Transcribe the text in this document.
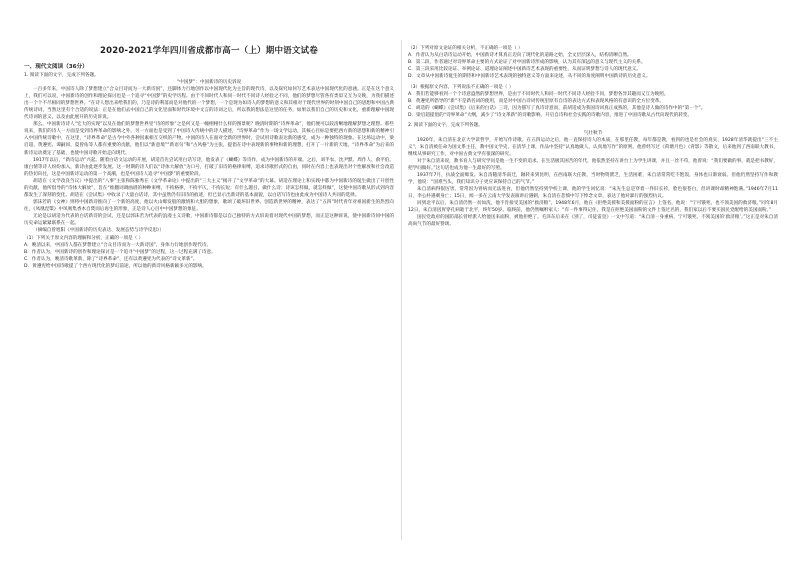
2020-2021学年四川省成都市高一（上）期中语文试卷
一、现代文阅读（36分）

1. 阅读下面的文字，完成下列各题。

“中国梦”：中国新诗的历史诉说

一百多年来，中国诗人除了梦想建立“合众目诗而为一大新诗国”，还脚体力行地创作以中国现代化为主旨的现代诗，以及探究如何写艺术表达中国现代化的意涵。正是在这个意义上，我们可以说，中国新诗的创作和理论探讨也是一个追寻“中国梦”的史学历程。由于不同时代人和同一时代不同诗人经验之不同，他们的梦想尽管各有类似又互为交映，为我们描述出一个个不尽相同的梦想世界。“在诗人想出来给我们的，乃是诗的利落而是对他代的一个梦想，一个是现为如诗人的梦想的意义和其相对于现代世界的时刻中国自己的思想和中国古典传统诗词，当然这里有个合适的说法：正是在他们去中国自己的文化里面和时代环境中文言的诗词之后，所以我的想法是这里的任务，如果以我们自己的历史和文化，重新理解中国现代诗词的意义，以及由此展开的历史诉说。

那么，中国新诗诗人“宏大的实现”以及在他们的梦想世界里“诗的形象”之是何又是一幢栩栩什么样的图景呢？晚清时期的“诗界革命”，他们便可以较清晰地理解梦想之理想。那些说来，我们的诗人一方面是受到诗界革命的影响之外，另一方面也是受到了中国诗人传统中的诗人描述，“诗界革命”作为一场文学运动，其核心目标是要把西方新的思想和新的精神引入中国传统诗歌中，在这里，“诗界革命”是古今中外各种因素相互交织的产物。中国的诗人在面对全新的世界时，尝试用诗歌表达新的感受，成为一种独特的现象。在这场运动中，梁启超、黄遵宪、谭嗣同、夏曾佑等人都有重要的贡献，他们以“新意境”“新语句”和“古风格”为主张，提倡在诗中表现新的事物和新的理想，打开了一片新的天地，“诗界革命”为后来的新诗运动奠定了基础，也使中国诗歌开始走向现代。

1917年以后，“新诗运动”兴起。随着白话文运动的开展，胡适首先尝试用白话写诗，他发表了《蝴蝶》等诗作，成为中国新诗的开端。之后，刘半农、沈尹默、周作人、俞平伯、康白情等诗人纷纷加入，新诗由此逐步发展。这一时期的诗人们以“诗体大解放”为口号，打破了旧诗的格律束缚，追求诗歌形式的自由，同时在内容上也表现出对个性解放和社会改造的热切向往，这是中国新诗运动的第一个高潮，也是中国诗人追寻“中国梦”的重要阶段。

胡适在《文学改良刍议》中提出的“八事”主张和陈独秀在《文学革命论》中提出的“三大主义”揭开了“文学革命”的大幕。胡适在理论上和实践中都为中国新诗的诞生做出了开创性的贡献，他所倡导的“诗体大解放”，旨在“推翻词调曲谱的种种束缚，不拘格律，不拘平仄，不拘长短；有什么题目，做什么诗；诗该怎样做，就怎样做”，这使中国诗歌从形式到内容都发生了深刻的变化。胡适在《尝试集》中收录了大量白话诗，其中虽然仍有旧诗的痕迹，但已显示出新诗的基本面貌，以白话写诗也由此成为中国诗人共同的选择。

郭沫若的《女神》则将中国新诗推向了一个新的高度。他以火山爆发般的激情和大胆的想象，歌颂了破坏旧世界、创造新世界的精神，表达了“五四”时代青年对祖国新生的热烈向往，《凤凰涅槃》中凤凰集香木自焚而后再生的形象，正是诗人心目中中国梦想的象征。

无论是以胡适为代表的白话新诗的尝试，还是以郭沫若为代表的浪漫主义诗歌，中国新诗都是以自己独特的方式诉说着对现代中国的梦想，而正是这种诉说，使中国新诗同中国的历史命运紧紧联系在一起。

（摘编自曾旭阳《中国新诗的历史表达、发展态势与诗学反思》）

（1）下列关于原文内容的理解和分析，正确的一项是（ ）

A．晚清以来，中国诗人都在梦想建立“合众目诗而为一大新诗国”，身体力行地创作现代诗。

B．作者认为，中国新诗的创作和理论探讨是一个追寻“中国梦”的过程，这一过程充满了诗意。

C．作者认为，晚清诗歌革新，除了“诗界革命”，还有以黄遵宪为代表的“诗文革新”。

D．黄遵宪给中国诗歌提了个西方现代化的梦幻前途，所以他的新诗风格新颖多元的影响。

（2）下列对原文论证的相关分析，不正确的一项是（ ）

A．作者认为从白话诗运动开始，中国新诗才算真正迈向了现代化的道路之始，全文层层深入，结构清晰自然。

B．第二段，作者通过对诗界革命主要的方式论证了对中国新诗形成的影响，认为其有深远的意义与现代主义的关系。

C．第三段采用比较论证、举例论证、道理论证阐述中国新诗艺术表现的重要性，从而证明梦想与诗人的现代意义。

D．文章从中国新诗诞生的期待和中国新诗艺术表现的独特意义等方面来论述，从不同的角度阐明中国新诗的历史意义。

（3）根据原文内容，下列说法不正确的一项是（ ）

A．我们若能够看到一个个诗意盎然的梦想世界，是由于不同时代人和同一时代不同诗人经验不同，梦想各异其趣而又互为映照。

B．黄遵宪所倡导的“新”不是新名词的使用，而是对中国古诗词传统里原有自诗的表达方式和表现风格的有意识的全方位变革。

C．胡适的《蝴蝶》《尝试集》《后来的白话》三诗，因为描写了真诗诗意而，前胡适成为我国诗词真正成熟的，其他是诗人做的诗作中的“第一个”。

D．梁启超提倡的“诗界革命”大纲，减少了“诗文革新”的诗歌影响，开启自诗和社会实践的诗歌内容，推进了中国诗歌从古代向现代的转变。

2. 阅读下面的文字，完成下列各题。

气壮秋节

1920年，朱自清在北京大学读哲学，开始写作诗歌。在五四运动之后，他一直保持诗人的本质，在那里任教，每年都是教，看到的也是社会的真实，1928年清华就提出“三不主义”，朱自清被任命为国文系主任，教中国文学史，在清华上课，作品中坚持“认真地做人，认真地写作”的原则。他曾经写过《荷塘月色》《背影》等散文，后来他到了西南联大教书，继续从事研究工作，对中国古典文学有很深的研究。

对于朱自清来说，教书育人与研究学问是他一生不变的追求。在生活极其困苦的年代，他依然坚持在讲台上为学生讲课，并且一丝不苟，他曾说：“我们要做的事，就是把书教好，把学问做好。”这句话也成为他一生最好的写照。

1937年7月，抗战全面爆发。朱自清随清华南迁，辗转来到昆明，在西南联大任教，当时物资匮乏，生活困难，朱自清常常吃不饱饭，身体也日渐衰弱。但他仍然坚持写作和教学，他说：“国难当头，我们知识分子更应该保持自己的气节。”

朱自清病得很厉害，常常因为胃病而无法进食，但他仍然坚持到学校上课，他的学生回忆说：“朱先生总是穿着一件旧长衫，脸色很苍白，但讲课时却精神饱满。”1946年7月11日，李公朴遇刺身亡；15日，闻一多在云南大学发表演讲后遇刺，朱自清在悲愤中写下悼念文章，表达了他对暴行的强烈抗议。

回到北平以后，朱自清仍然一贫如洗，他不肯接受美国的“救济粮”，1948年6月，他在《拒绝美援和美援面粉的宣言》上签名，他说：“宁可饿死，也不领美国的救济粮。”同年8月12日，朱自清因胃穿孔病逝于北平，终年50岁。临终前，他仍然嘱咐家人：“有一件事得记住，我是在拒绝美国面粉的文件上签过名的，我们家以后不要买国民党配给的美国面粉。”

国民党政府的国防部长曾经派人给他送来面粉，被他拒绝了。毛泽东后来在《别了，司徒雷登》一文中写道：“朱自清一身重病，宁可饿死，不领美国的‘救济粮’。”这正是对朱自清高尚气节的最好赞颂。
